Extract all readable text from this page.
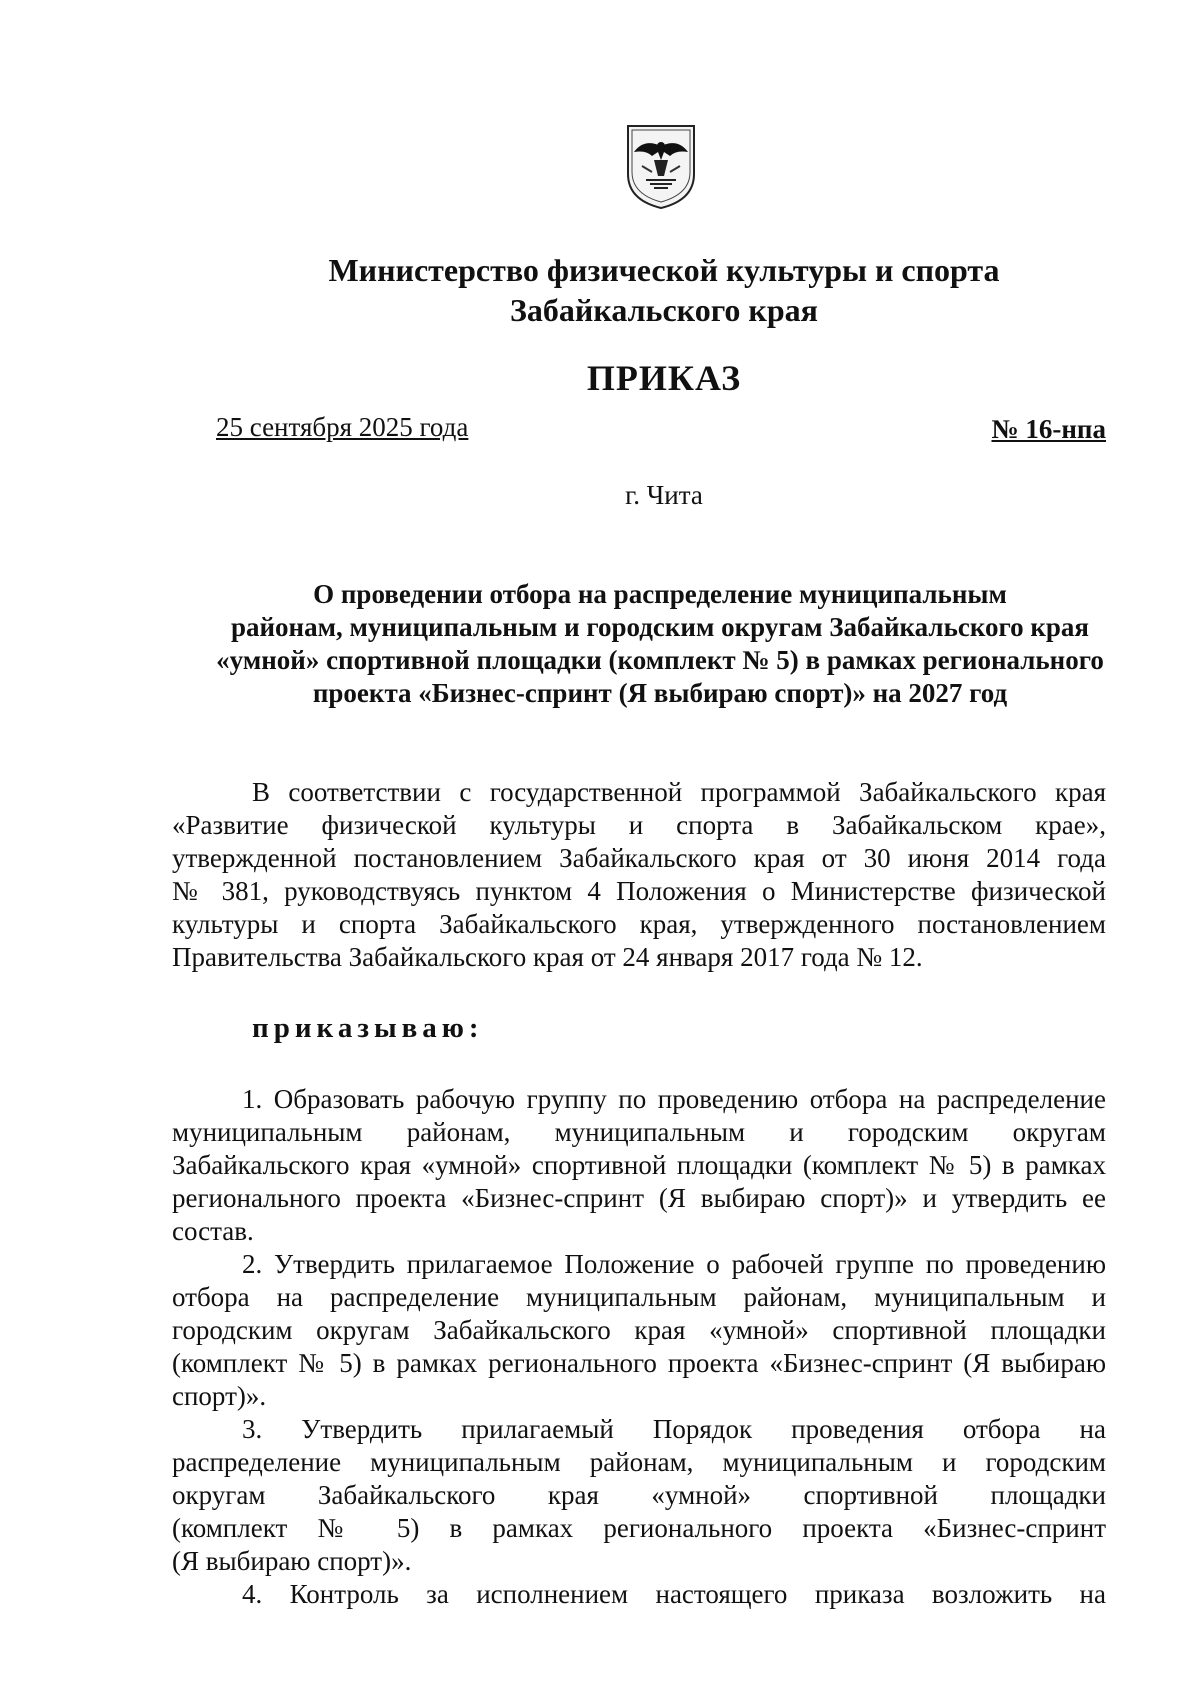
Министерство физической культуры и спорта
Забайкальского края
ПРИКАЗ
25 сентября 2025 года	№ 16-нпа
г. Чита
О проведении отбора на распределение муниципальным
районам, муниципальным и городским округам Забайкальского края
«умной» спортивной площадки (комплект № 5) в рамках регионального
проекта «Бизнес-спринт (Я выбираю спорт)» на 2027 год
В соответствии с государственной программой Забайкальского края
«Развитие физической культуры и спорта в Забайкальском крае»,
утвержденной постановлением Забайкальского края от 30 июня 2014 года
№ 381, руководствуясь пунктом 4 Положения о Министерстве физической
культуры и спорта Забайкальского края, утвержденного постановлением
Правительства Забайкальского края от 24 января 2017 года № 12.
приказываю:
1. Образовать рабочую группу по проведению отбора на распределение
муниципальным районам, муниципальным и городским округам
Забайкальского края «умной» спортивной площадки (комплект № 5) в рамках
регионального проекта «Бизнес-спринт (Я выбираю спорт)» и утвердить ее
состав.
2. Утвердить прилагаемое Положение о рабочей группе по проведению
отбора на распределение муниципальным районам, муниципальным и
городским округам Забайкальского края «умной» спортивной площадки
(комплект № 5) в рамках регионального проекта «Бизнес-спринт (Я выбираю
спорт)».
3. Утвердить прилагаемый Порядок проведения отбора на
распределение муниципальным районам, муниципальным и городским
округам Забайкальского края «умной» спортивной площадки
(комплект № 5) в рамках регионального проекта «Бизнес-спринт
(Я выбираю спорт)».
4. Контроль за исполнением настоящего приказа возложить на
